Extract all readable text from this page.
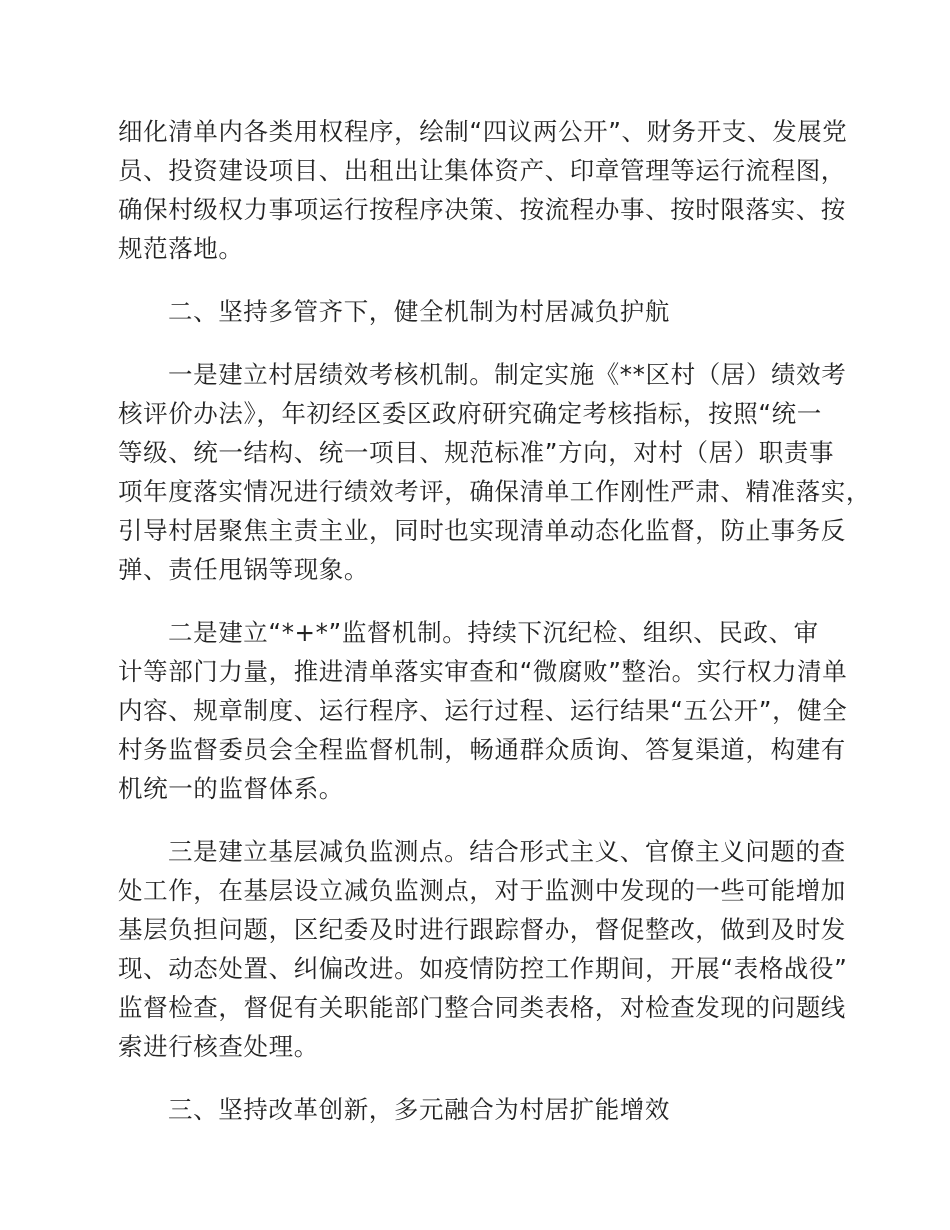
细化清单内各类用权程序，绘制“四议两公开”、财务开支、发展党
员、投资建设项目、出租出让集体资产、印章管理等运行流程图，
确保村级权力事项运行按程序决策、按流程办事、按时限落实、按
规范落地。
二、坚持多管齐下，健全机制为村居减负护航
一是建立村居绩效考核机制。制定实施《**区村（居）绩效考
核评价办法》，年初经区委区政府研究确定考核指标，按照“统一
等级、统一结构、统一项目、规范标准”方向，对村（居）职责事
项年度落实情况进行绩效考评，确保清单工作刚性严肃、精准落实，
引导村居聚焦主责主业，同时也实现清单动态化监督，防止事务反
弹、责任甩锅等现象。
二是建立“*+*”监督机制。持续下沉纪检、组织、民政、审
计等部门力量，推进清单落实审查和“微腐败”整治。实行权力清单
内容、规章制度、运行程序、运行过程、运行结果“五公开”，健全
村务监督委员会全程监督机制，畅通群众质询、答复渠道，构建有
机统一的监督体系。
三是建立基层减负监测点。结合形式主义、官僚主义问题的查
处工作，在基层设立减负监测点，对于监测中发现的一些可能增加
基层负担问题，区纪委及时进行跟踪督办，督促整改，做到及时发
现、动态处置、纠偏改进。如疫情防控工作期间，开展“表格战役”
监督检查，督促有关职能部门整合同类表格，对检查发现的问题线
索进行核查处理。
三、坚持改革创新，多元融合为村居扩能增效
